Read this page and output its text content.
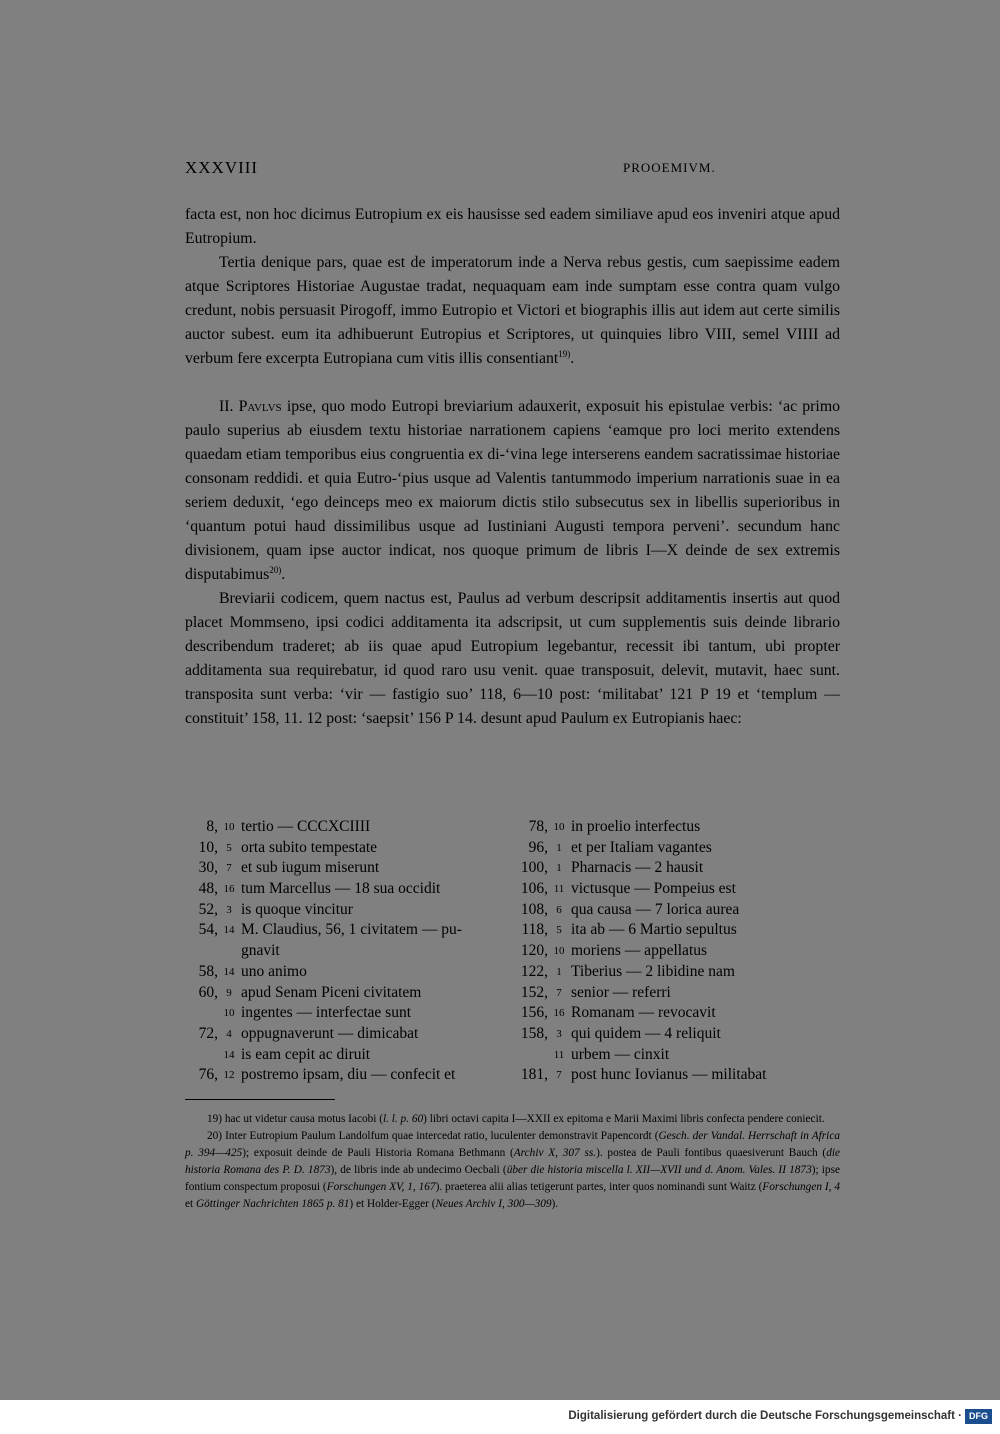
XXXVIII	PROOEMIVM.

facta est, non hoc dicimus Eutropium ex eis hausisse sed eadem similiave apud eos inveniri atque apud Eutropium.

Tertia denique pars, quae est de imperatorum inde a Nerva rebus gestis, cum saepissime eadem atque Scriptores Historiae Augustae tradat, nequaquam eam inde sumptam esse contra quam vulgo credunt, nobis persuasit Pirogoff, immo Eutropio et Victori et biographis illis aut idem aut certe similis auctor subest. eum ita adhibuerunt Eutropius et Scriptores, ut quinquies libro VIII, semel VIIII ad verbum fere excerpta Eutropiana cum vitis illis consentiant$^{19)}$.

II. Pavlvs ipse, quo modo Eutropi breviarium adauxerit, exposuit his epistulae verbis: ‘ac primo paulo superius ab eiusdem textu historiae narrationem capiens ‘eamque pro loci merito extendens quaedam etiam temporibus eius congruentia ex di-‘vina lege interserens eandem sacratissimae historiae consonam reddidi. et quia Eutro-‘pius usque ad Valentis tantummodo imperium narrationis suae in ea seriem deduxit, ‘ego deinceps meo ex maiorum dictis stilo subsecutus sex in libellis superioribus in ‘quantum potui haud dissimilibus usque ad Iustiniani Augusti tempora perveni’. secundum hanc divisionem, quam ipse auctor indicat, nos quoque primum de libris I—X deinde de sex extremis disputabimus$^{20)}$.

Breviarii codicem, quem nactus est, Paulus ad verbum descripsit additamentis insertis aut quod placet Mommseno, ipsi codici additamenta ita adscripsit, ut cum supplementis suis deinde librario describendum traderet; ab iis quae apud Eutropium legebantur, recessit ibi tantum, ubi propter additamenta sua requirebatur, id quod raro usu venit. quae transposuit, delevit, mutavit, haec sunt. transposita sunt verba: ‘vir — fastigio suo’ 118, 6—10 post: ‘militabat’ 121 P 19 et ‘templum — constituit’ 158, 11. 12 post: ‘saepsit’ 156 P 14. desunt apud Paulum ex Eutropianis haec:

8, 10 tertio — CCCXCIIII
10, 5 orta subito tempestate
30, 7 et sub iugum miserunt
48, 16 tum Marcellus — 18 sua occidit
52, 3 is quoque vincitur
54, 14 M. Claudius, 56, 1 civitatem — pu-
gnavit
58, 14 uno animo
60, 9 apud Senam Piceni civitatem
10 ingentes — interfectae sunt
72, 4 oppugnaverunt — dimicabat
14 is eam cepit ac diruit
76, 12 postremo ipsam, diu — confecit et
78, 10 in proelio interfectus
96, 1 et per Italiam vagantes
100, 1 Pharnacis — 2 hausit
106, 11 victusque — Pompeius est
108, 6 qua causa — 7 lorica aurea
118, 5 ita ab — 6 Martio sepultus
120, 10 moriens — appellatus
122, 1 Tiberius — 2 libidine nam
152, 7 senior — referri
156, 16 Romanam — revocavit
158, 3 qui quidem — 4 reliquit
11 urbem — cinxit
181, 7 post hunc Iovianus — militabat

19) hac ut videtur causa motus Iacobi (l. l. p. 60) libri octavi capita I—XXII ex epitoma e Marii Maximi libris confecta pendere coniecit.

20) Inter Eutropium Paulum Landolfum quae intercedat ratio, luculenter demonstravit Papencordt (Gesch. der Vandal. Herrschaft in Africa p. 394—425); exposuit deinde de Pauli Historia Romana Bethmann (Archiv X, 307 ss.). postea de Pauli fontibus quaesiverunt Bauch (die historia Romana des P. D. 1873), de libris inde ab undecimo Oecbali (über die historia miscella l. XII—XVII und d. Anom. Vales. II 1873); ipse fontium conspectum proposui (Forschungen XV, 1, 167). praeterea alii alias tetigerunt partes, inter quos nominandi sunt Waitz (Forschungen I, 4 et Göttinger Nachrichten 1865 p. 81) et Holder-Egger (Neues Archiv I, 300—309).

Digitalisierung gefördert durch die Deutsche Forschungsgemeinschaft · DFG
